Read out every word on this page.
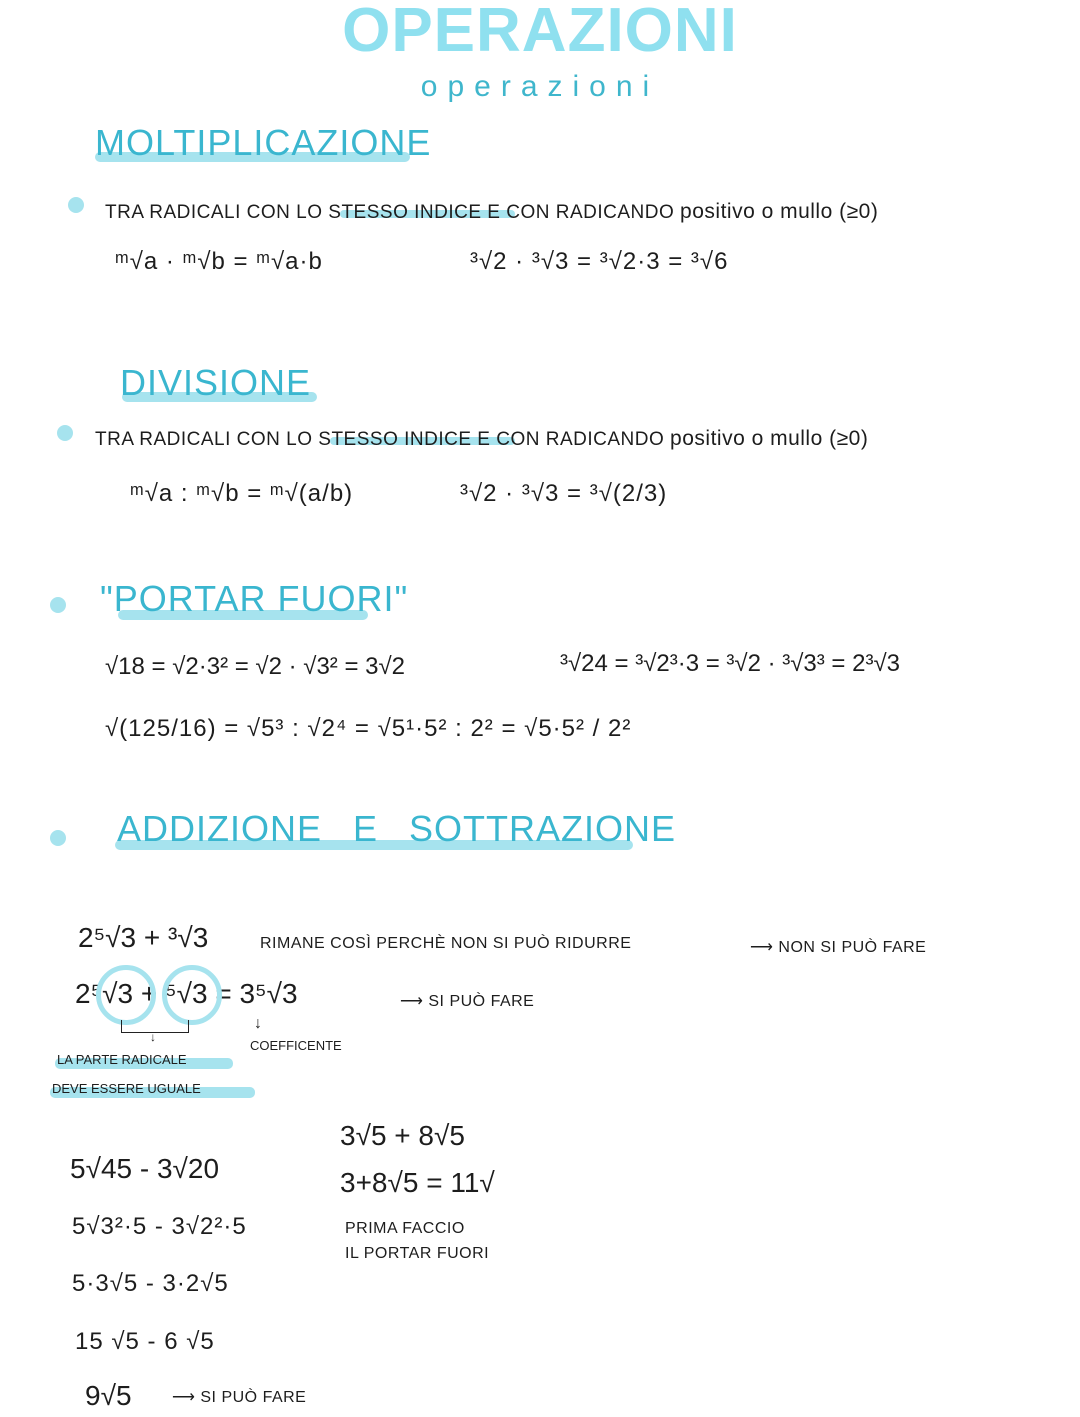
OPERAZIONI
operazioni
MOLTIPLICAZIONE
TRA RADICALI CON LO STESSO INDICE E CON RADICANDO positivo o mullo (≥0)
ᵐ√a · ᵐ√b = ᵐ√a·b	³√2 · ³√3 = ³√2·3 = ³√6
DIVISIONE
TRA RADICALI CON LO STESSO INDICE E CON RADICANDO positivo o mullo (≥0)
ᵐ√a : ᵐ√b = ᵐ√(a/b)	³√2 · ³√3 = ³√(2/3)
"PORTAR FUORI"
√18 = √2·3² = √2 · √3² = 3√2	³√24 = ³√2³·3 = ³√2 · ³√3³ = 2³√3
√(125/16) = √5³ : √2⁴ = √5¹·5² : 2² = √5·5² / 2²
ADDIZIONE E SOTTRAZIONE
2⁵√3 + ³√3	RIMANE COSÌ PERCHÈ NON SI PUÒ RIDURRE	⟶ NON SI PUÒ FARE
2⁵√3 + ⁵√3 = 3⁵√3
↓
⟶ SI PUÒ FARE
↓
COEFFICENTE
LA PARTE RADICALE
DEVE ESSERE UGUALE
5√45 - 3√20
5√3²·5 - 3√2²·5
5·3√5 - 3·2√5
15 √5 - 6 √5
9√5	⟶ SI PUÒ FARE
3√5 + 8√5
3+8√5 = 11√
PRIMA FACCIO
IL PORTAR FUORI
